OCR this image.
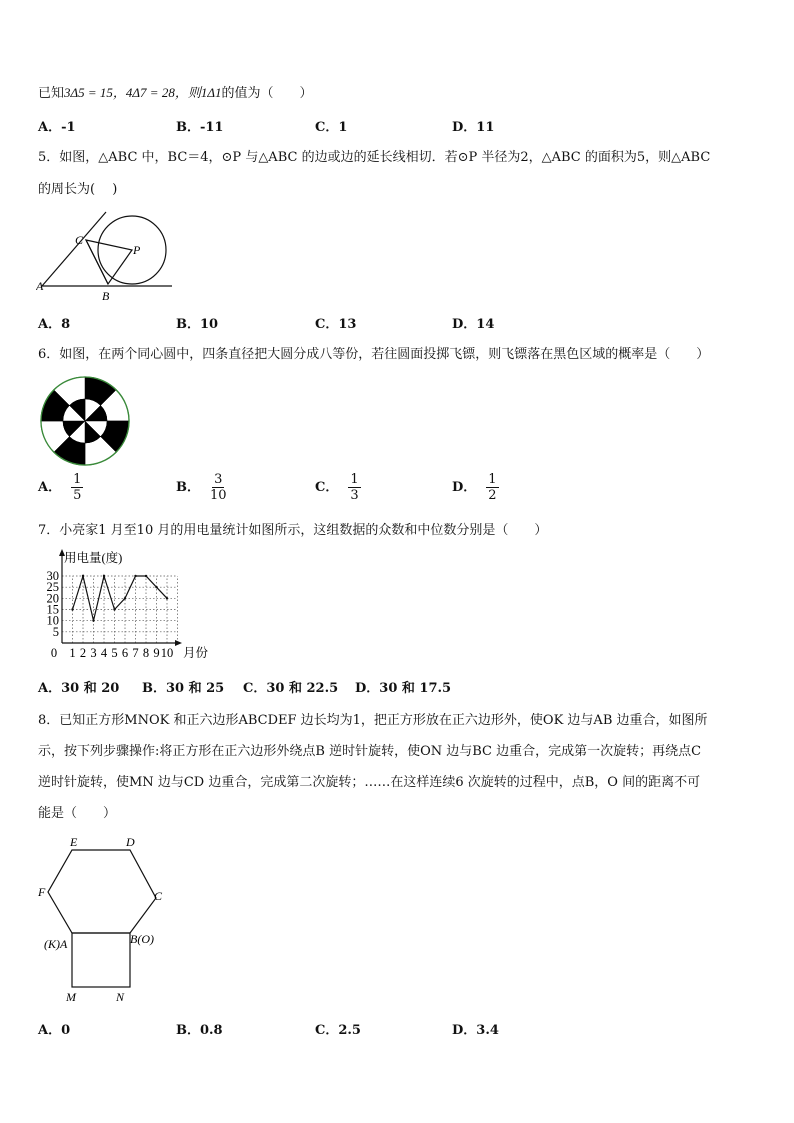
已知3Δ5 = 15，4Δ7 = 28，则1Δ1的值为（　　）
A．-1	B．-11	C．1	D．11
5．如图，△ABC 中，BC＝4，⊙P 与△ABC 的边或边的延长线相切．若⊙P 半径为2，△ABC 的面积为5，则△ABC
的周长为(　 )
A
B
C
P
A．8	B．10	C．13	D．14
6．如图，在两个同心圆中，四条直径把大圆分成八等份，若往圆面投掷飞镖，则飞镖落在黑色区域的概率是（　　）
A． $\frac{1}{5}$	B． $\frac{3}{10}$	C． $\frac{1}{3}$	D． $\frac{1}{2}$
7．小亮家1 月至10 月的用电量统计如图所示，这组数据的众数和中位数分别是（　　）
用电量(度)
月份
5
10
15
20
25
30
0 1 2 3 4 5 6 7 8 9 10
A．30 和 20 B．30 和 25 C．30 和 22.5 D．30 和 17.5
8．已知正方形MNOK 和正六边形ABCDEF 边长均为1，把正方形放在正六边形外，使OK 边与AB 边重合，如图所
示，按下列步骤操作:将正方形在正六边形外绕点B 逆时针旋转，使ON 边与BC 边重合，完成第一次旋转；再绕点C
逆时针旋转，使MN 边与CD 边重合，完成第二次旋转；……在这样连续6 次旋转的过程中，点B，O 间的距离不可
能是（　　）
E	D
F	C
(K)A	B(O)
M	N
A．0	B．0.8	C．2.5	D．3.4
